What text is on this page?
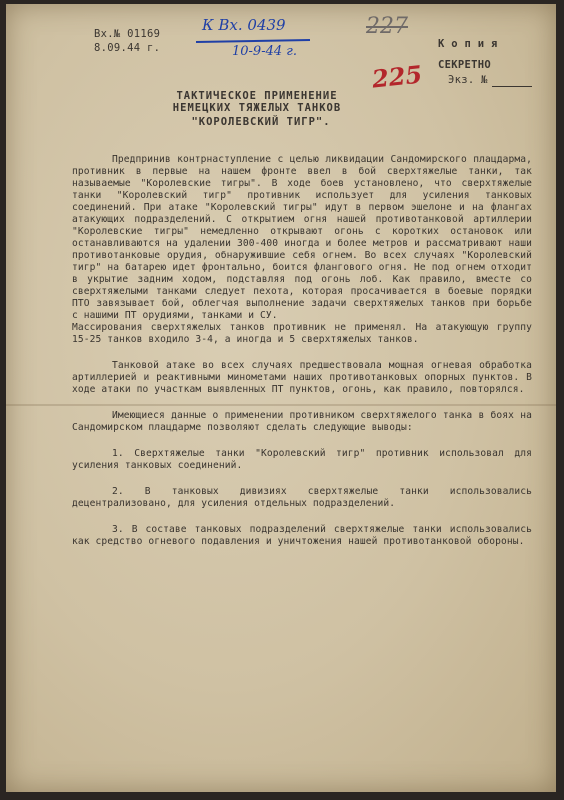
Вх.№ 01169
8.09.44 г.
К Вх. 0439
10-9-44 г.
227
225
К о п и я
СЕКРЕТНО
Экз. №
ТАКТИЧЕСКОЕ ПРИМЕНЕНИЕ
НЕМЕЦКИХ ТЯЖЕЛЫХ ТАНКОВ
"КОРОЛЕВСКИЙ ТИГР".

Предпринив контрнаступление с целью ликвидации Сандомирского плацдарма, противник в первые на нашем фронте ввел в бой сверхтяжелые танки, так называемые "Королевские тигры". В ходе боев установлено, что сверхтяжелые танки "Королевский тигр" противник использует для усиления танковых соединений. При атаке "Королевский тигры" идут в первом эшелоне и на флангах атакующих подразделений. С открытием огня нашей противотанковой артиллерии "Королевские тигры" немедленно открывают огонь с коротких остановок или останавливаются на удалении 300-400 иногда и более метров и рассматривают наши противотанковые орудия, обнаружившие себя огнем. Во всех случаях "Королевский тигр" на батарею идет фронтально, боится флангового огня. Не под огнем отходит в укрытие задним ходом, подставляя под огонь лоб. Как правило, вместе со сверхтяжелыми танками следует пехота, которая просачивается в боевые порядки ПТО завязывает бой, облегчая выполнение задачи сверхтяжелых танков при борьбе с нашими ПТ орудиями, танками и СУ.

Массирования сверхтяжелых танков противник не применял. На атакующую группу 15-25 танков входило 3-4, а иногда и 5 сверхтяжелых танков.

Танковой атаке во всех случаях предшествовала мощная огневая обработка артиллерией и реактивными минометами наших противотанковых опорных пунктов. В ходе атаки по участкам выявленных ПТ пунктов, огонь, как правило, повторялся.

Имеющиеся данные о применении противником сверхтяжелого танка в боях на Сандомирском плацдарме позволяют сделать следующие выводы:

1. Сверхтяжелые танки "Королевский тигр" противник использовал для усиления танковых соединений.

2. В танковых дивизиях сверхтяжелые танки использовались децентрализовано, для усиления отдельных подразделений.

3. В составе танковых подразделений сверхтяжелые танки использовались как средство огневого подавления и уничтожения нашей противотанковой обороны.
